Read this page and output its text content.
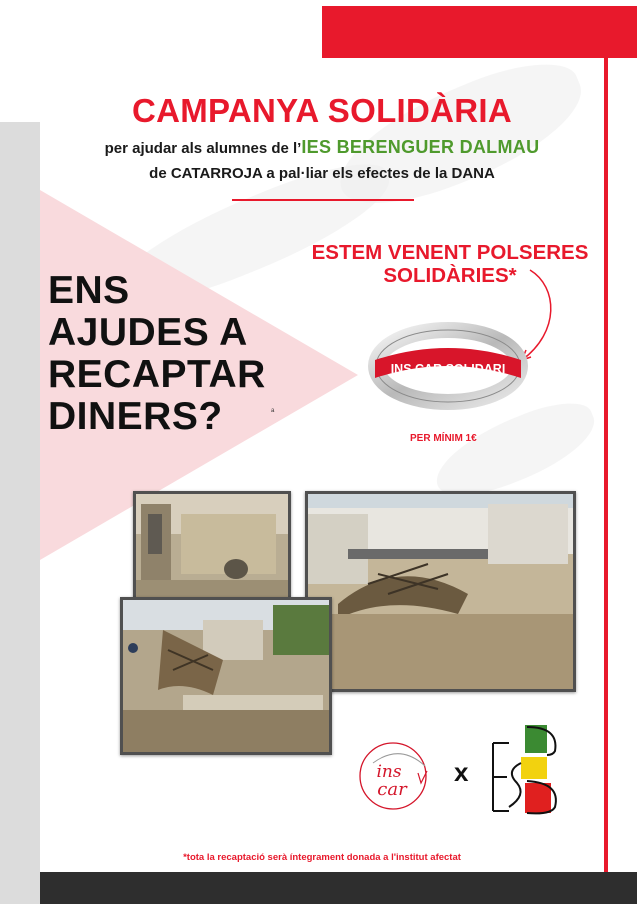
CAMPANYA SOLIDÀRIA
per ajudar als alumnes de l’IES BERENGUER DALMAU
de CATARROJA a pal·liar els efectes de la DANA
ENS
AJUDES A
RECAPTAR
DINERS?	a
ESTEM VENENT POLSERES
SOLIDÀRIES*
INS CAR SOLIDARI
PER MÍNIM 1€
ins
car
x
ESB
*tota la recaptació serà íntegrament donada a l'institut afectat
